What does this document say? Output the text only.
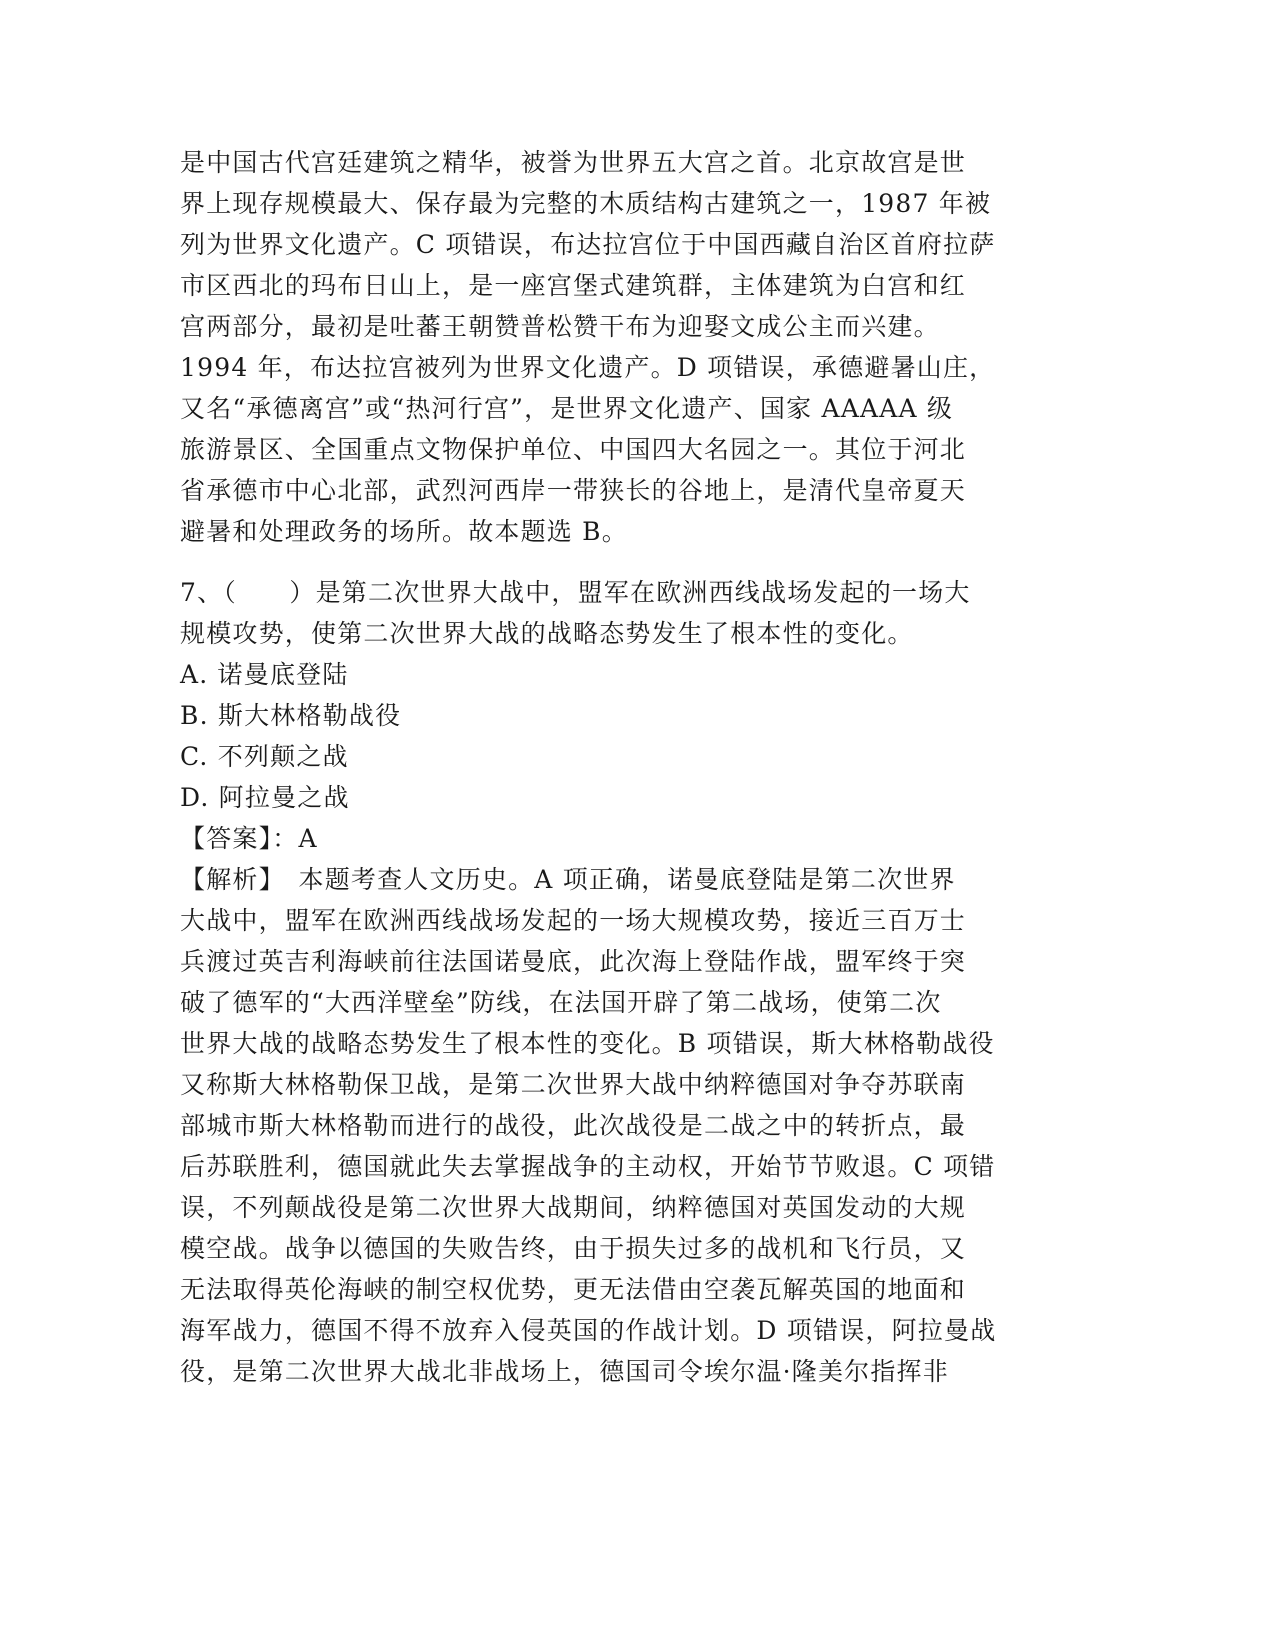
是中国古代宫廷建筑之精华，被誉为世界五大宫之首。北京故宫是世
界上现存规模最大、保存最为完整的木质结构古建筑之一，1987 年被
列为世界文化遗产。C 项错误，布达拉宫位于中国西藏自治区首府拉萨
市区西北的玛布日山上，是一座宫堡式建筑群，主体建筑为白宫和红
宫两部分，最初是吐蕃王朝赞普松赞干布为迎娶文成公主而兴建。
1994 年，布达拉宫被列为世界文化遗产。D 项错误，承德避暑山庄，
又名“承德离宫”或“热河行宫”，是世界文化遗产、国家 AAAAA 级
旅游景区、全国重点文物保护单位、中国四大名园之一。其位于河北
省承德市中心北部，武烈河西岸一带狭长的谷地上，是清代皇帝夏天
避暑和处理政务的场所。故本题选 B。
7、（　　）是第二次世界大战中，盟军在欧洲西线战场发起的一场大
规模攻势，使第二次世界大战的战略态势发生了根本性的变化。
A. 诺曼底登陆
B. 斯大林格勒战役
C. 不列颠之战
D. 阿拉曼之战
【答案】：A
【解析】　本题考查人文历史。A 项正确，诺曼底登陆是第二次世界
大战中，盟军在欧洲西线战场发起的一场大规模攻势，接近三百万士
兵渡过英吉利海峡前往法国诺曼底，此次海上登陆作战，盟军终于突
破了德军的“大西洋壁垒”防线，在法国开辟了第二战场，使第二次
世界大战的战略态势发生了根本性的变化。B 项错误，斯大林格勒战役
又称斯大林格勒保卫战，是第二次世界大战中纳粹德国对争夺苏联南
部城市斯大林格勒而进行的战役，此次战役是二战之中的转折点，最
后苏联胜利，德国就此失去掌握战争的主动权，开始节节败退。C 项错
误，不列颠战役是第二次世界大战期间，纳粹德国对英国发动的大规
模空战。战争以德国的失败告终，由于损失过多的战机和飞行员，又
无法取得英伦海峡的制空权优势，更无法借由空袭瓦解英国的地面和
海军战力，德国不得不放弃入侵英国的作战计划。D 项错误，阿拉曼战
役，是第二次世界大战北非战场上，德国司令埃尔温·隆美尔指挥非
